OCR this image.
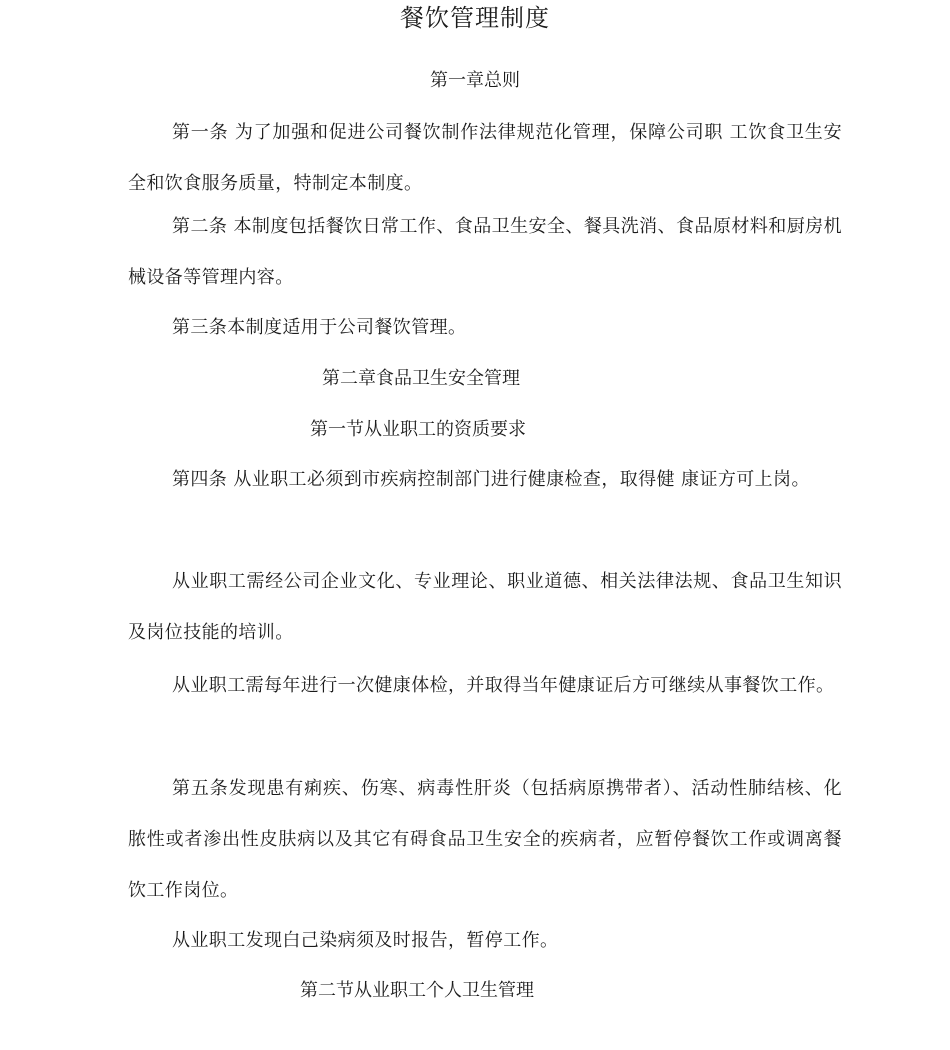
餐饮管理制度
第一章总则
第一条 为了加强和促进公司餐饮制作法律规范化管理，保障公司职 工饮食卫生安全和饮食服务质量，特制定本制度。
第二条 本制度包括餐饮日常工作、食品卫生安全、餐具洗消、食品原材料和厨房机械设备等管理内容。
第三条本制度适用于公司餐饮管理。
第二章食品卫生安全管理
第一节从业职工的资质要求
第四条 从业职工必须到市疾病控制部门进行健康检查，取得健 康证方可上岗。
从业职工需经公司企业文化、专业理论、职业道德、相关法律法规、食品卫生知识及岗位技能的培训。
从业职工需每年进行一次健康体检，并取得当年健康证后方可继续从事餐饮工作。
第五条发现患有痢疾、伤寒、病毒性肝炎（包括病原携带者）、活动性肺结核、化脓性或者渗出性皮肤病以及其它有碍食品卫生安全的疾病者，应暂停餐饮工作或调离餐饮工作岗位。
从业职工发现白己染病须及时报告，暂停工作。
第二节从业职工个人卫生管理
